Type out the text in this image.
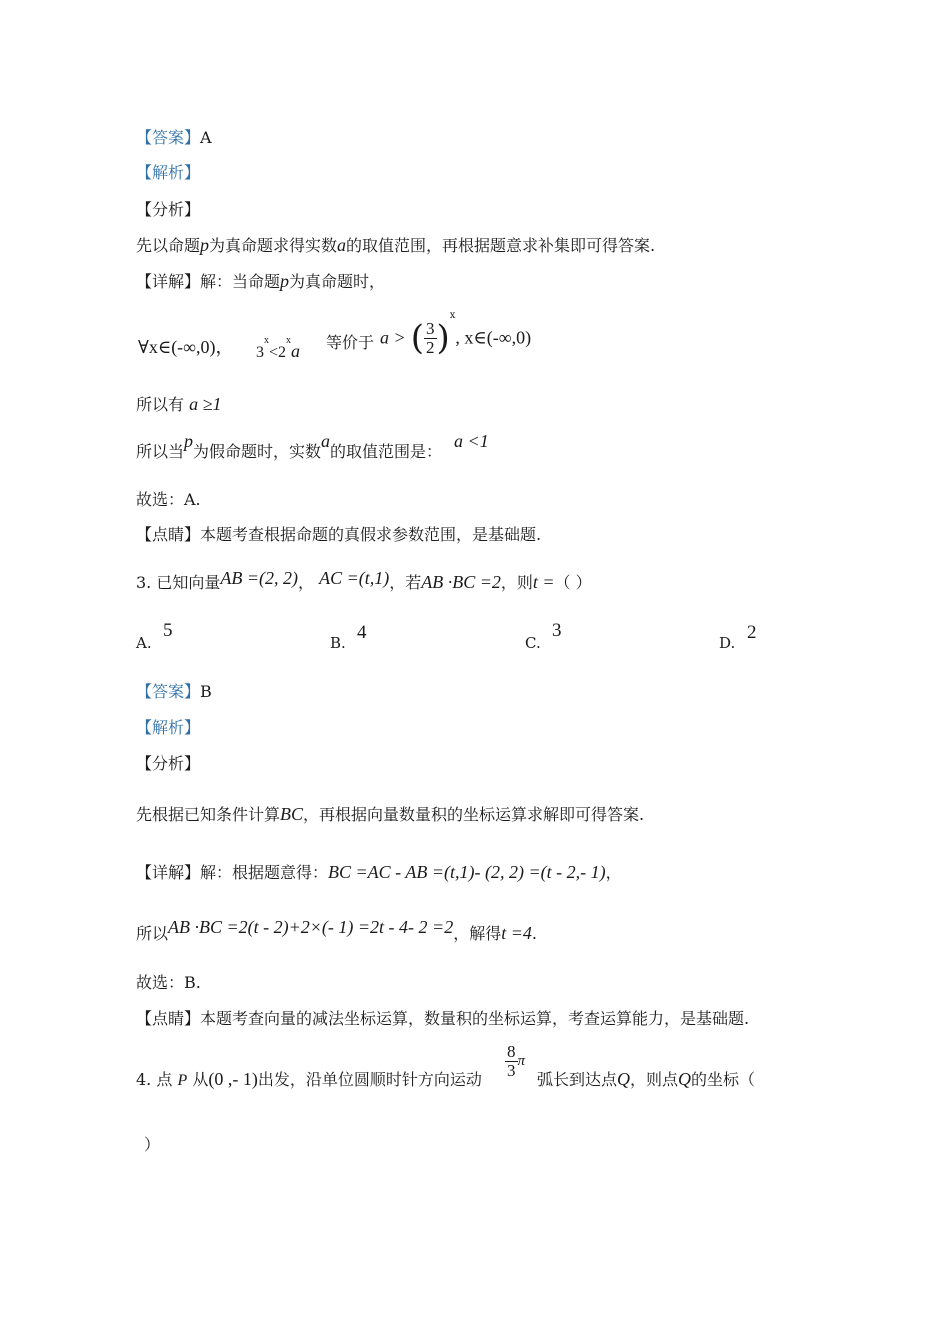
【答案】A
【解析】
【分析】
先以命题p为真命题求得实数a的取值范围，再根据题意求补集即可得答案.
【详解】解：当命题p为真命题时，
∀x∈(-∞,0)， $3^x<2^xa$ 等价于 a > ( $\frac{3}{2} )^x$, x∈(-∞,0)
所以有 a ≥1
所以当p为假命题时，实数a的取值范围是：a <1
故选：A.
【点睛】本题考查根据命题的真假求参数范围，是基础题.
3. 已知向量AB =(2, 2)， AC =(t,1)，若AB ·BC =2，则t =（ ）
A.
5
B. 4	C.
3
D. 2
【答案】B
【解析】
【分析】
先根据已知条件计算BC，再根据向量数量积的坐标运算求解即可得答案.
【详解】解：根据题意得：BC =AC - AB =(t,1)- (2, 2) =(t - 2,- 1)，
所以AB ·BC =2(t - 2)+2×(- 1) =2t - 4- 2 =2，解得t =4.
故选：B.
【点睛】本题考查向量的减法坐标运算，数量积的坐标运算，考查运算能力，是基础题.
4. 点 P 从(0 ,- 1)出发，沿单位圆顺时针方向运动 $\frac{8}{3}$ π
弧长到达点Q，则点Q的坐标（
）
